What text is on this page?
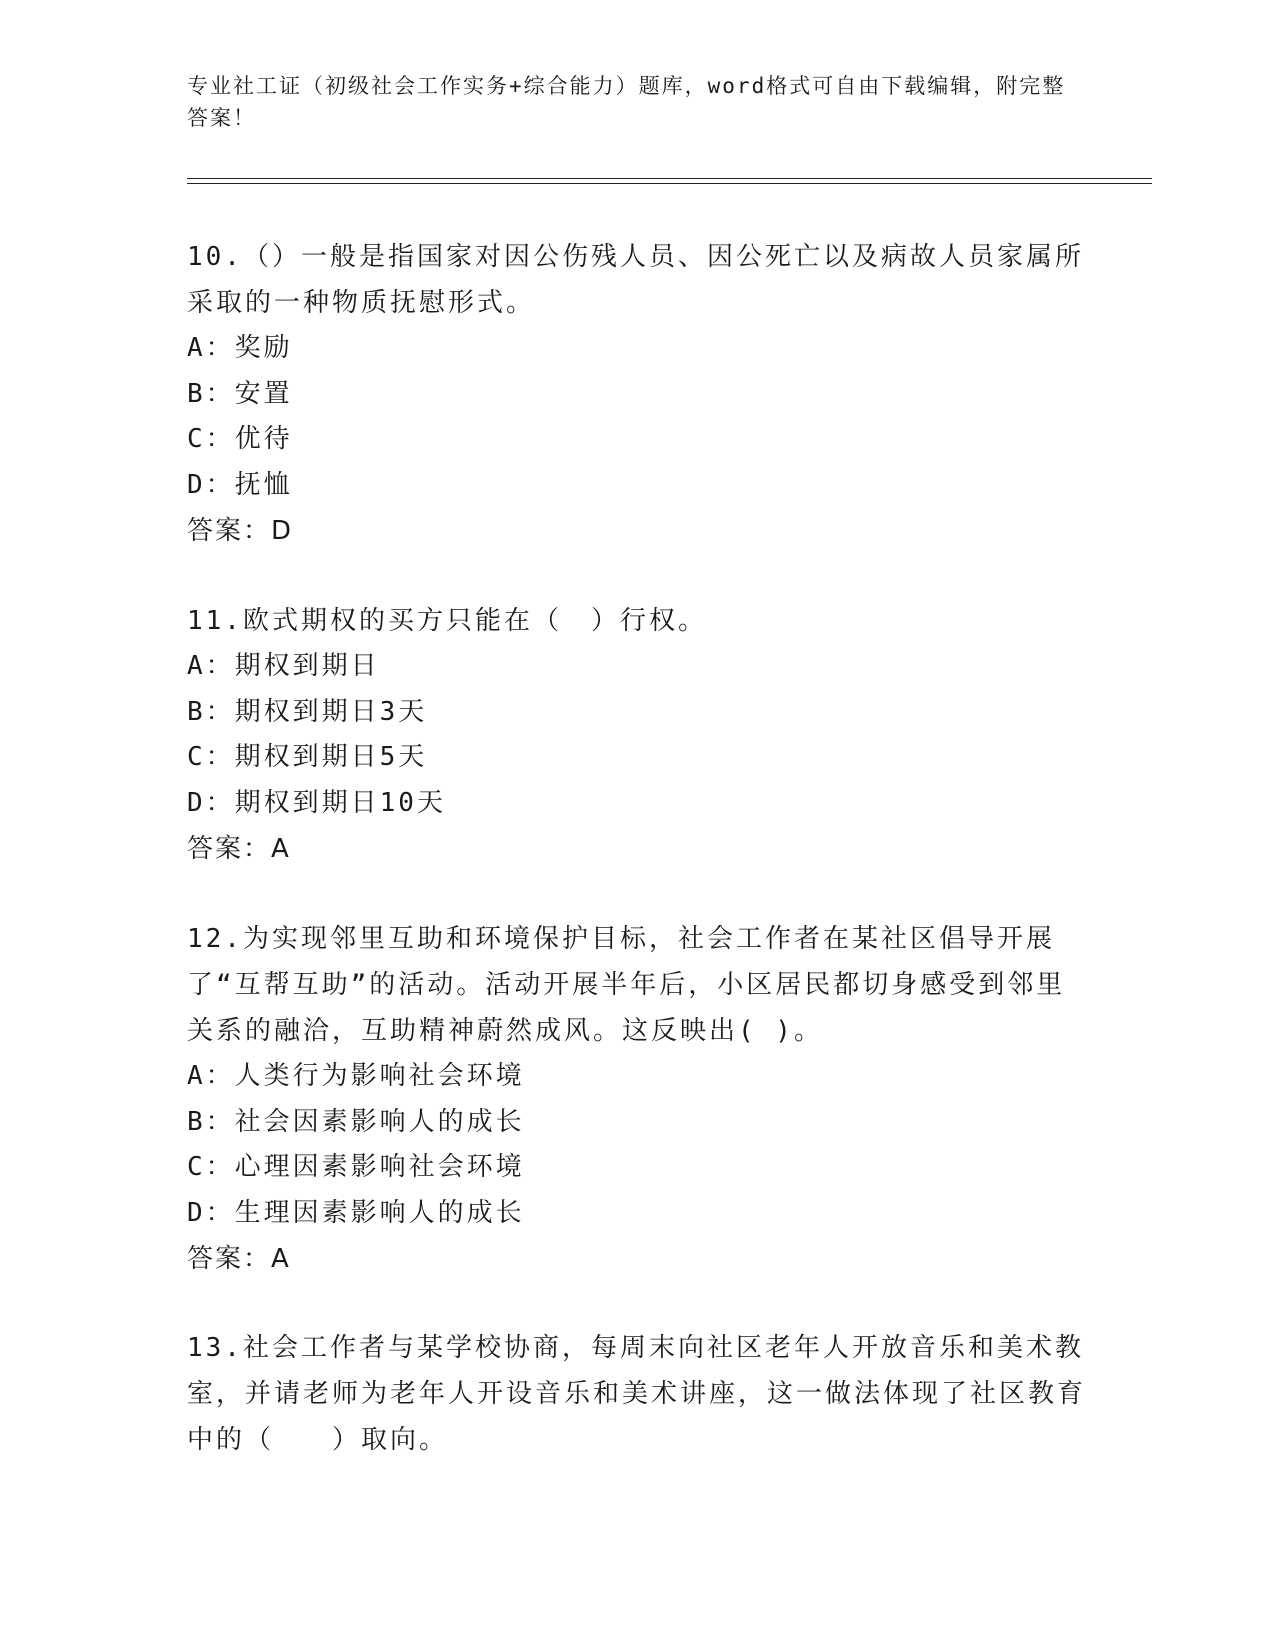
专业社工证（初级社会工作实务+综合能力）题库，word格式可自由下载编辑，附完整答案！
10.（）一般是指国家对因公伤残人员、因公死亡以及病故人员家属所采取的一种物质抚慰形式。
A：奖励
B：安置
C：优待
D：抚恤
答案：D
11.欧式期权的买方只能在（　）行权。
A：期权到期日
B：期权到期日3天
C：期权到期日5天
D：期权到期日10天
答案：A
12.为实现邻里互助和环境保护目标，社会工作者在某社区倡导开展了“互帮互助”的活动。活动开展半年后，小区居民都切身感受到邻里关系的融洽，互助精神蔚然成风。这反映出( )。
A：人类行为影响社会环境
B：社会因素影响人的成长
C：心理因素影响社会环境
D：生理因素影响人的成长
答案：A
13.社会工作者与某学校协商，每周末向社区老年人开放音乐和美术教室，并请老师为老年人开设音乐和美术讲座，这一做法体现了社区教育中的（　　）取向。
